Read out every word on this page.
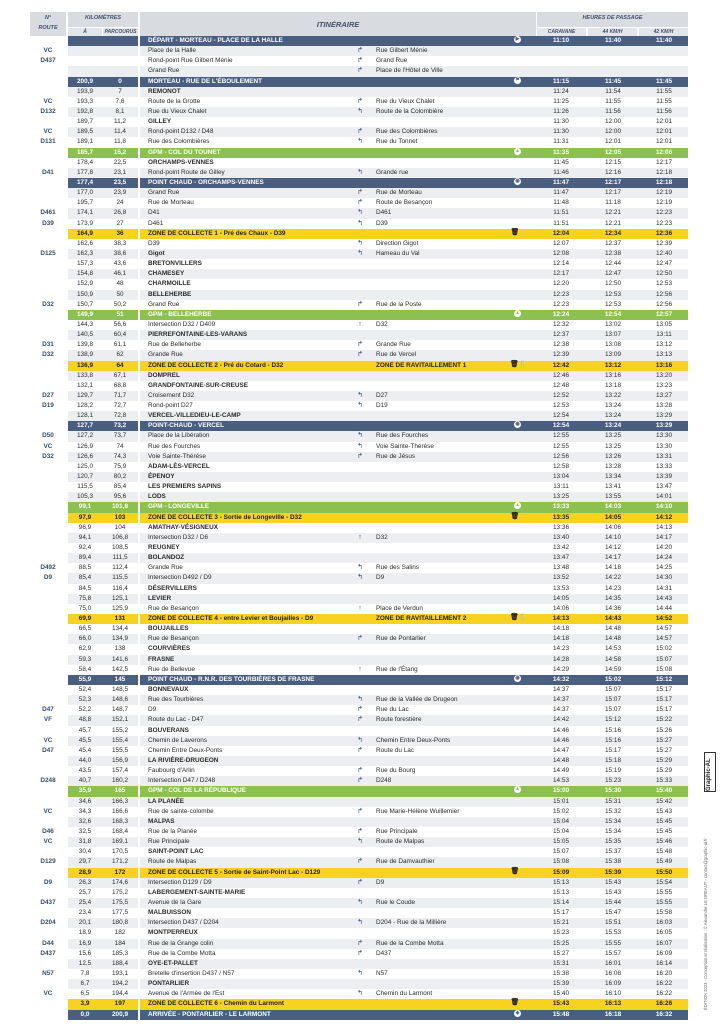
N°
ROUTE
KILOMÈTRES
À	PARCOURUS
ITINÉRAIRE
HEURES DE PASSAGE
CARAVANE	44 KM/H	42 KM/H
DÉPART - MORTEAU - PLACE DE LA HALLE	11:10	11:40	11:40
▶
VC	Place de la Halle	↱	Rue Gilbert Ménie
D437	Rond-point Rue Gilbert Ménie	↱	Grand Rue
Grand Rue	↱	Place de l'Hôtel de Ville
200,9	0	MORTEAU - RUE DE L'ÉBOULEMENT	11:15	11:45	11:45
⚑
193,9	7	REMONOT	11:24	11:54	11:55
VC	193,3	7,6	Route de la Grotte	↱	Rue du Vieux Chalet	11:25	11:55	11:55
D132	192,8	8,1	Rue du Vieux Chalet	↰	Route de la Colombière	11:26	11:56	11:56
189,7	11,2	GILLEY	11:30	12:00	12:01
VC	189,5	11,4	Rond-point D132 / D48	↱	Rue des Colombières	11:30	12:00	12:01
D131	189,1	11,8	Rue des Colombières	↰	Rue du Tonnet	11:31	12:01	12:01
185,7	15,2	GPM - COL DU TOUNET	11:35	12:05	12:06
▲
178,4	22,5	ORCHAMPS-VENNES	11:45	12:15	12:17
D41	177,8	23,1	Rond-point Route de Gilley	↰	Grande rue	11:46	12:16	12:18
177,4	23,5	POINT CHAUD - ORCHAMPS-VENNES	11:47	12:17	12:18
◉
177,0	23,9	Grand Rue	↱	Rue de Morteau	11:47	12:17	12:19
195,7	24	Rue de Morteau	↱	Route de Besançon	11:48	11:18	12:19
D461	174,1	26,8	D41	↰	D461	11:51	12:21	12:23
D39	173,9	27	D461	↰	D39	11:51	12:21	12:23
164,9	36	ZONE DE COLLECTE 1 - Pré des Chaux - D39	12:04	12:34	12:36
🗑
162,6	38,3	D39	↰	Direction Gigot	12:07	12:37	12:39
D125	162,3	38,6	Gigot	↰	Hameau du Val	12:08	12:38	12:40
157,3	43,6	BRETONVILLERS	12:14	12:44	12:47
154,8	46,1	CHAMESEY	12:17	12:47	12:50
152,9	48	CHARMOILLE	12:20	12:50	12:53
150,9	50	BELLEHERBE	12:23	12:53	12:56
D32	150,7	50,2	Grand Rue	↱	Rue de la Poste	12:23	12:53	12:56
149,9	51	GPM - BELLEHERBE	12:24	12:54	12:57
▲
144,3	56,6	Intersection D32 / D409	↑	D32	12:32	13:02	13:05
140,5	60,4	PIERREFONTAINE-LES-VARANS	12:37	13:07	13:11
D31	139,8	61,1	Rue de Belleherbe	↱	Grande Rue	12:38	13:08	13:12
D32	138,9	62	Grande Rue	↱	Rue de Vercel	12:39	13:09	13:13
136,9	64	ZONE DE COLLECTE 2 - Pré du Cotard - D32	ZONE DE RAVITAILLEMENT 1	12:42	13:12	13:16
🗑🍴
133,8	67,1	DOMPREL	12:46	13:16	13:20
132,1	68,8	GRANDFONTAINE-SUR-CREUSE	12:48	13:18	13:23
D27	129,7	71,7	Croisement D32	↰	D27	12:52	13:22	13:27
D19	128,2	72,7	Rond-point D27	↰	D19	12:53	13:24	13:28
128,1	72,8	VERCEL-VILLEDIEU-LE-CAMP	12:54	13:24	13:29
127,7	73,2	POINT-CHAUD - VERCEL	12:54	13:24	13:29
◉
D50	127,2	73,7	Place de la Libération	↰	Rue des Fourches	12:55	13:25	13:30
VC	126,9	74	Rue des Fourches	↰	Voie Sainte-Thérèse	12:55	13:25	13:30
D32	126,6	74,3	Voie Sainte-Thérèse	↱	Rue de Jésus	12:56	13:26	13:31
125,0	75,9	ADAM-LÈS-VERCEL	12:58	13:28	13:33
120,7	80,2	ÉPENOY	13:04	13:34	13:39
115,5	85,4	LES PREMIERS SAPINS	13:11	13:41	13:47
105,3	95,6	LODS	13:25	13:55	14:01
99,1	101,8	GPM - LONGEVILLE	13:33	14:03	14:10
▲
97,9	103	ZONE DE COLLECTE 3 - Sortie de Longeville - D32	13:35	14:05	14:12
🗑
96,9	104	AMATHAY-VÉSIGNEUX	13:36	14:06	14:13
94,1	106,8	Intersection D32 / D6	↑	D32	13:40	14:10	14:17
92,4	108,5	REUGNEY	13:42	14:12	14:20
89,4	111,5	BOLANDOZ	13:47	14:17	14:24
D492	88,5	112,4	Grande Rue	↰	Rue des Salins	13:48	14:18	14:25
D9	85,4	115,5	Intersection D492 / D9	↰	D9	13:52	14:22	14:30
84,5	116,4	DÉSERVILLERS	13:53	14:23	14:31
75,8	125,1	LEVIER	14:05	14:35	14:43
75,0	125,9	Rue de Besançon	↑	Place de Verdun	14:06	14:36	14:44
69,9	131	ZONE DE COLLECTE 4 - entre Levier et Boujailles - D9	ZONE DE RAVITAILLEMENT 2	14:13	14:43	14:52
🗑🍴
66,5	134,4	BOUJAILLES	14:18	14:48	14:57
66,0	134,9	Rue de Besançon	↱	Rue de Pontarlier	14:18	14:48	14:57
62,9	138	COURVIÈRES	14:23	14:53	15:02
59,3	141,6	FRASNE	14:28	14:58	15:07
58,4	142,5	Rue de Bellevue	↑	Rue de l'Étang	14:29	14:59	15:08
55,9	145	POINT CHAUD - R.N.R. DES TOURBIÈRES DE FRASNE	14:32	15:02	15:12
◉
52,4	148,5	BONNEVAUX	14:37	15:07	15:17
52,3	148,6	Rue des Tourbières	↰	Rue de la Vallée de Drugeon	14:37	15:07	15:17
D47	52,2	148,7	D9	↱	Rue du Lac	14:37	15:07	15:17
VF	48,8	152,1	Route du Lac - D47	↱	Route forestière	14:42	15:12	15:22
45,7	155,2	BOUVERANS	14:46	15:16	15:26
VC	45,5	155,4	Chemin de Laverons	↰	Chemin Entre Deux-Ponts	14:46	15:16	15:27
D47	45,4	155,5	Chemin Entre Deux-Ponts	↱	Route du Lac	14:47	15:17	15:27
44,0	156,9	LA RIVIÈRE-DRUGEON	14:48	15:18	15:29
43,5	157,4	Faubourg d'Arlin	↱	Rue du Bourg	14:49	15:19	15:29
D248	40,7	160,2	Intersection D47 / D248	↱	D248	14:53	15:23	15:33
35,9	165	GPM - COL DE LA RÉPUBLIQUE	15:00	15:30	15:40
▲
34,6	166,3	LA PLANÉE	15:01	15:31	15:42
VC	34,3	166,6	Rue de sainte-colombe	↱	Rue Marie-Hélène Wuillemier	15:02	15:32	15:43
32,6	168,3	MALPAS	15:04	15:34	15:45
D46	32,5	168,4	Rue de la Planée	↱	Rue Principale	15:04	15:34	15:45
VC	31,8	169,1	Rue Principale	↰	Route de Malpas	15:05	15:35	15:46
30,4	170,5	SAINT-POINT LAC	15:07	15:37	15:48
D129	29,7	171,2	Route de Malpas	↱	Rue de Damvauthier	15:08	15:38	15:49
28,9	172	ZONE DE COLLECTE 5 - Sortie de Saint-Point Lac - D129	15:09	15:39	15:50
🗑
D9	26,3	174,6	Intersection D129 / D9	↱	D9	15:13	15:43	15:54
25,7	175,2	LABERGEMENT-SAINTE-MARIE	15:13	15:43	15:55
D437	25,4	175,5	Avenue de la Gare	↰	Rue le Coude	15:14	15:44	15:55
23,4	177,5	MALBUISSON	15:17	15:47	15:58
D204	20,1	180,8	Intersection D437 / D204	↰	D204 - Rue de la Millière	15:21	15:51	16:03
18,9	182	MONTPERREUX	15:23	15:53	16:05
D44	16,9	184	Rue de la Grange colin	↱	Rue de la Combe Motta	15:25	15:55	16:07
D437	15,6	185,3	Rue de la Combe Motta	↱	D437	15:27	15:57	16:09
12,5	188,4	OYE-ET-PALLET	15:31	16:01	16:14
N57	7,8	193,1	Bretelle d'insertion D437 / N57	↰	N57	15:38	16:08	16:20
6,7	194,2	PONTARLIER	15:39	16:09	16:22
VC	6,5	194,4	Avenue de l'Armée de l'Est	↰	Chemin du Larmont	15:40	16:10	16:22
3,9	197	ZONE DE COLLECTE 6 - Chemin du Larmont	15:43	16:13	16:26
🗑
0,0	200,9	ARRIVÉE - PONTARLIER - LE LARMONT	15:48	16:18	16:32
◈
ÉDITION 2023 - Conception et réalisation : © Alexandre LE DREAUT - contact@graphic-al.fr
Graphic-AL
